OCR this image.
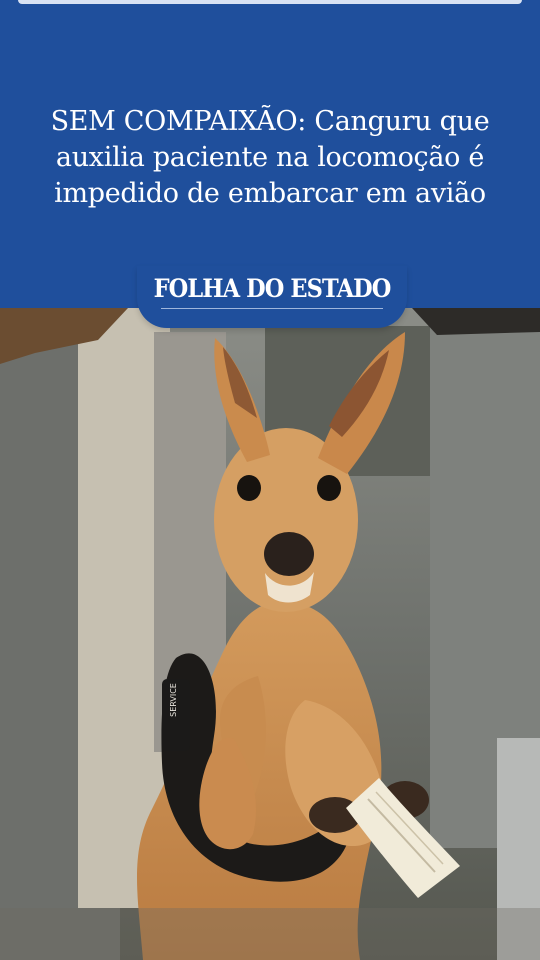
SEM COMPAIXÃO: Canguru que auxilia paciente na locomoção é impedido de embarcar em avião
FOLHA DO ESTADO
SERVICE
